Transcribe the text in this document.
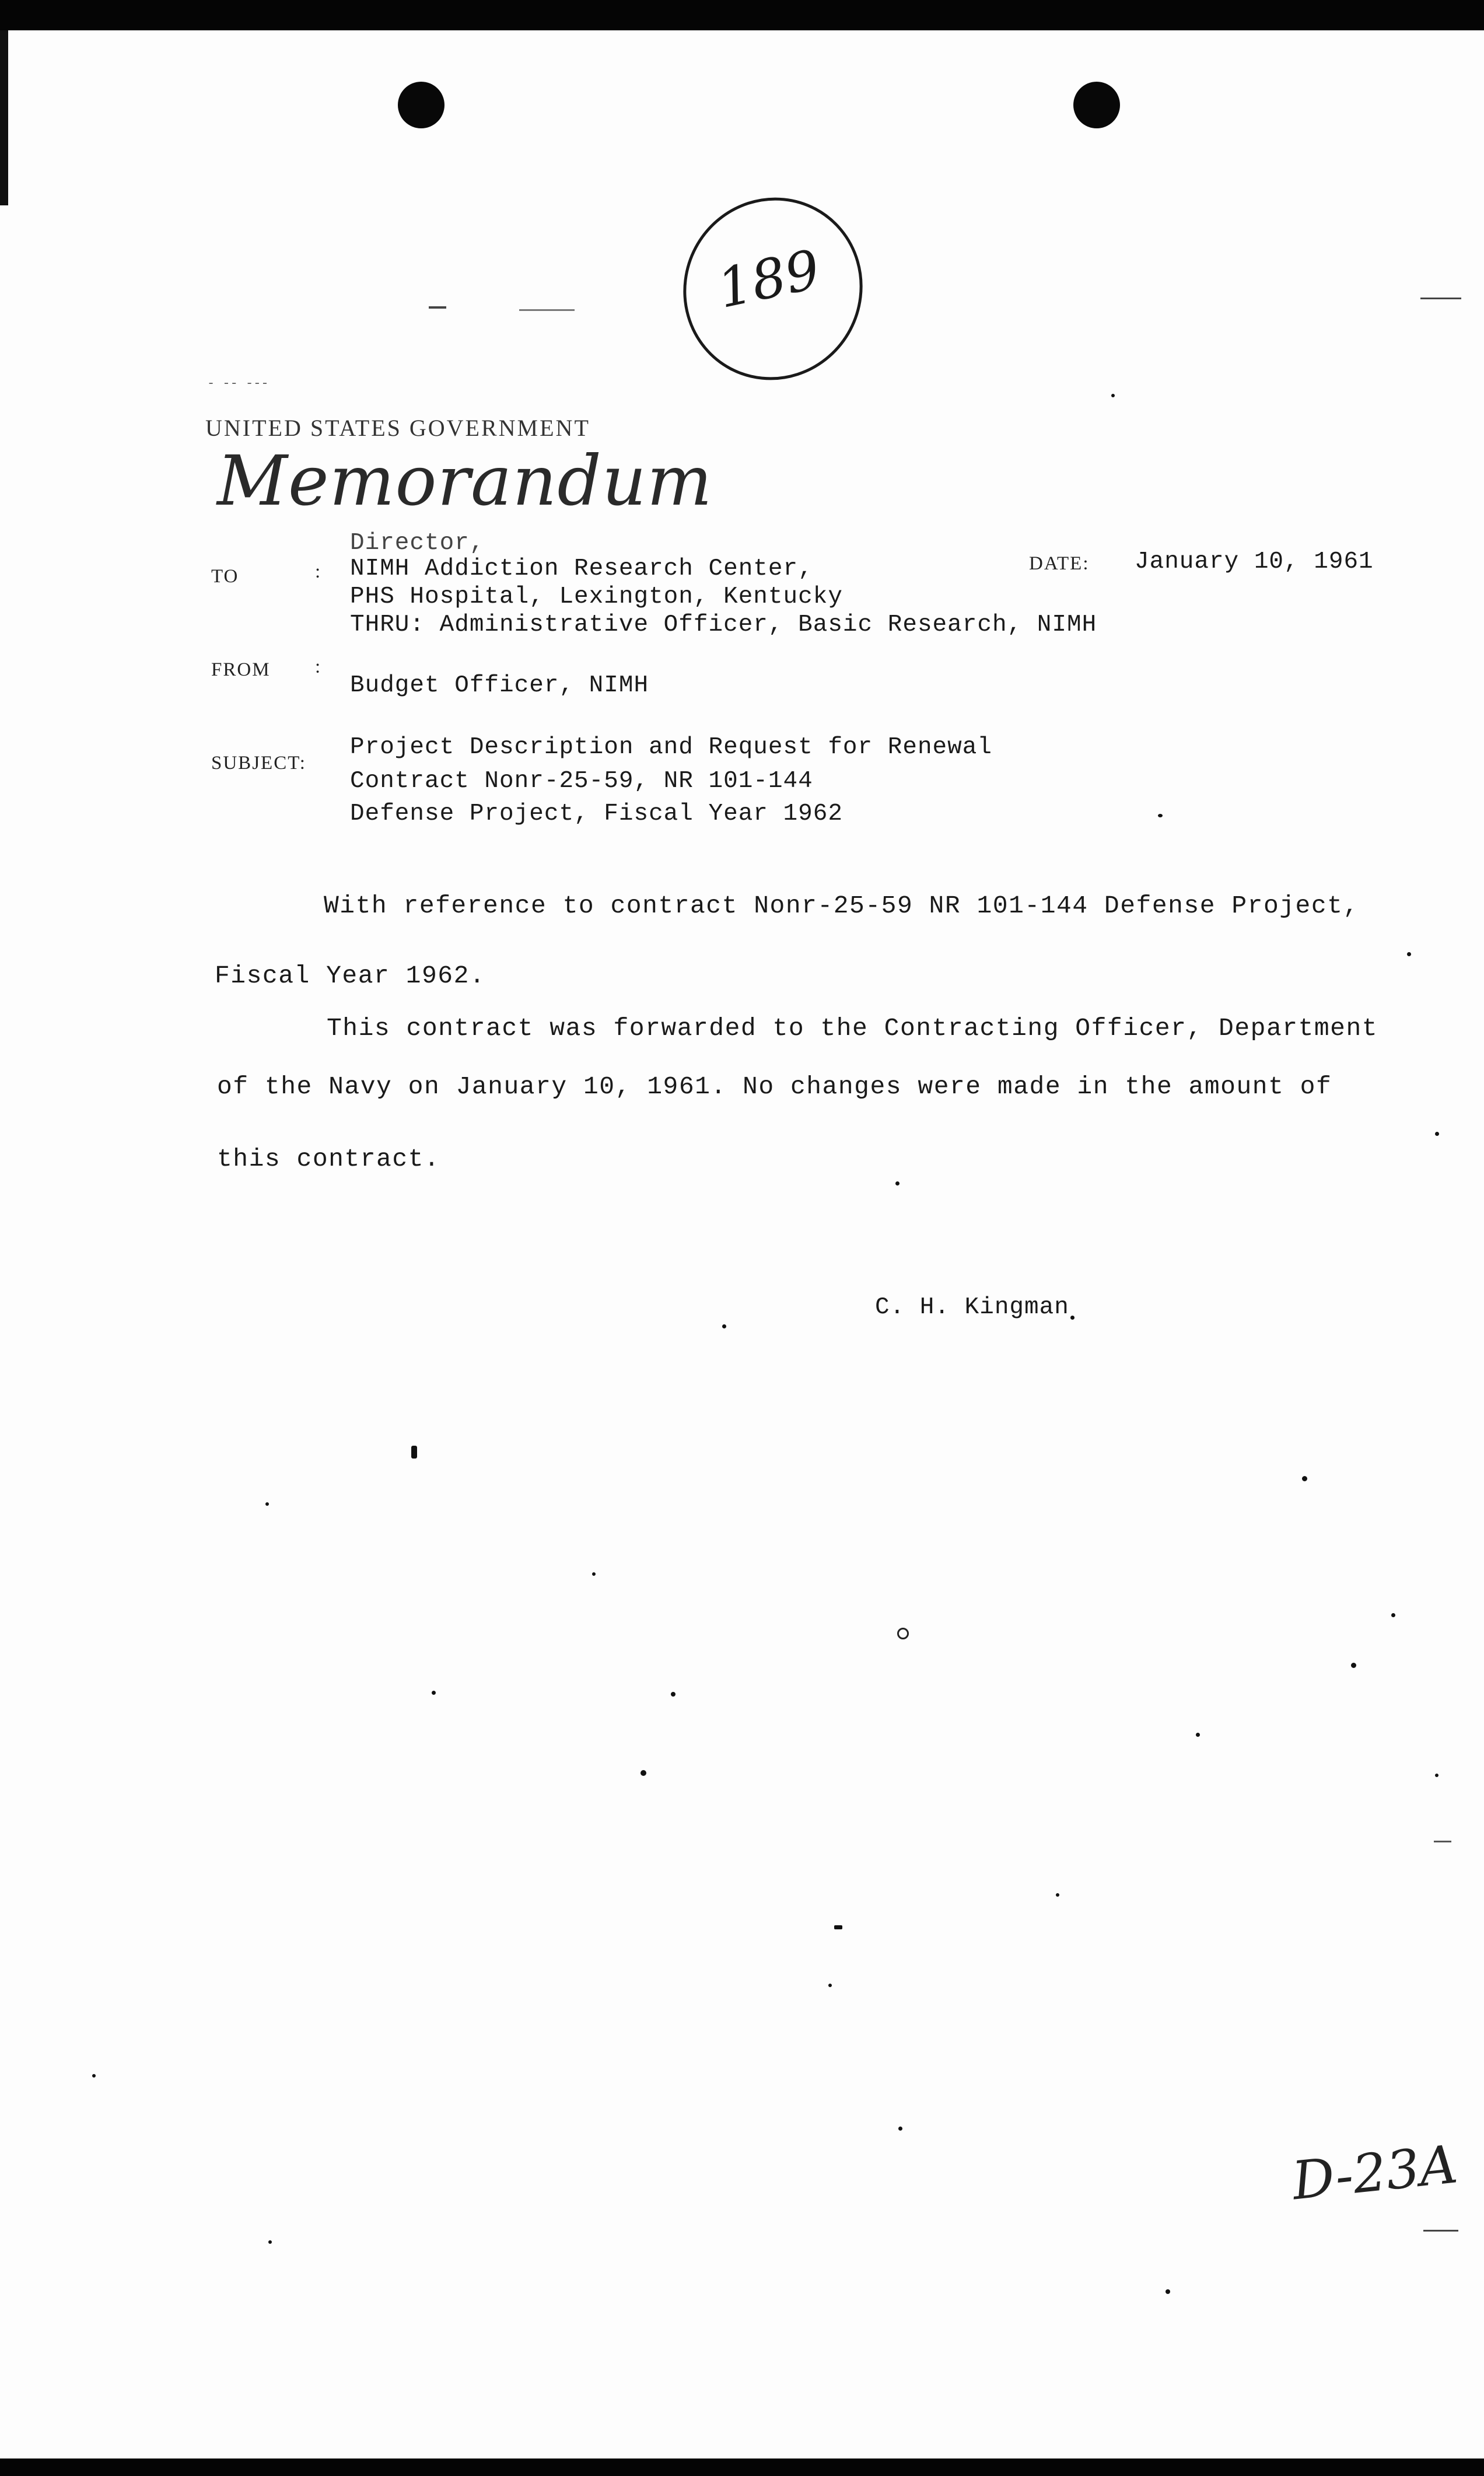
189
- -- ---
UNITED STATES GOVERNMENT
Memorandum
TO	:
Director,
NIMH Addiction Research Center,
PHS Hospital, Lexington, Kentucky
THRU: Administrative Officer, Basic Research, NIMH
DATE: January 10, 1961
FROM :
Budget Officer, NIMH
SUBJECT:
Project Description and Request for Renewal
Contract Nonr-25-59, NR 101-144
Defense Project, Fiscal Year 1962
With reference to contract Nonr-25-59 NR 101-144 Defense Project,
Fiscal Year 1962.
This contract was forwarded to the Contracting Officer, Department
of the Navy on January 10, 1961. No changes were made in the amount of
this contract.
C. H. Kingman
D-23A
